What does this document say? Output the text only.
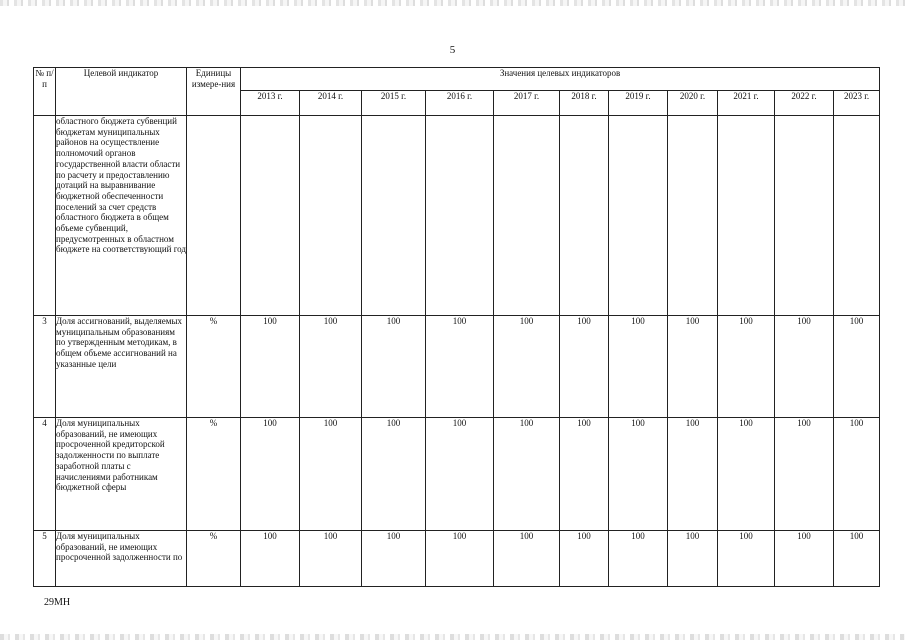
5
№ п/п	Целевой индикатор	Единицы измере-ния	Значения целевых индикаторов										
			2013 г.	2014 г.	2015 г.	2016 г.	2017 г.	2018 г.	2019 г.	2020 г.	2021 г.	2022 г.	2023 г.
	областного бюджета субвенций бюджетам муниципальных районов на осуществление полномочий органов государственной власти области по расчету и предоставлению дотаций на выравнивание бюджетной обеспеченности поселений за счет средств областного бюджета в общем объеме субвенций, предусмотренных в областном бюджете на соответствующий год												
3	Доля ассигнований, выделяемых муниципальным образованиям по утвержденным методикам, в общем объеме ассигнований на указанные цели	%	100	100	100	100	100	100	100	100	100	100	100
4	Доля муниципальных образований, не имеющих просроченной кредиторской задолженности по выплате заработной платы с начислениями работникам бюджетной сферы	%	100	100	100	100	100	100	100	100	100	100	100
5	Доля муниципальных образований, не имеющих просроченной задолженности по	%	100	100	100	100	100	100	100	100	100	100	100
29МН
